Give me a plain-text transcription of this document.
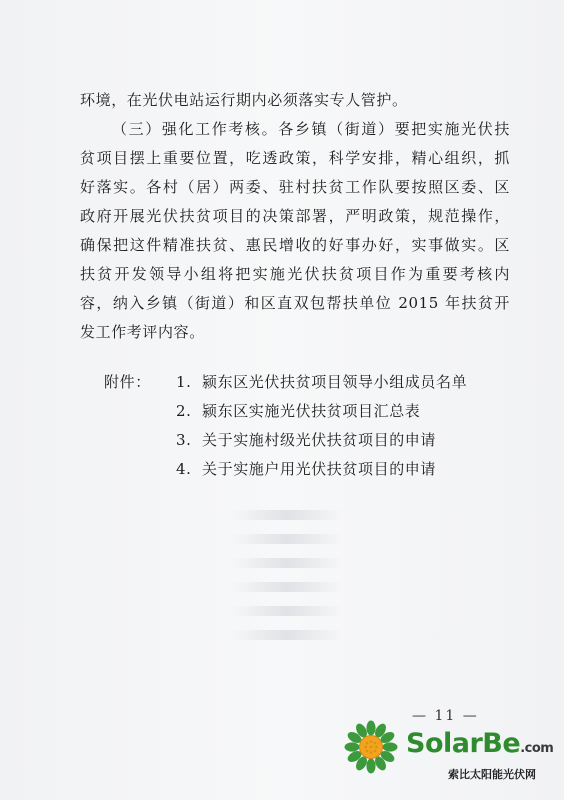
环境，在光伏电站运行期内必须落实专人管护。
（三）强化工作考核。各乡镇（街道）要把实施光伏扶
贫项目摆上重要位置，吃透政策，科学安排，精心组织，抓
好落实。各村（居）两委、驻村扶贫工作队要按照区委、区
政府开展光伏扶贫项目的决策部署，严明政策，规范操作，
确保把这件精准扶贫、惠民增收的好事办好，实事做实。区
扶贫开发领导小组将把实施光伏扶贫项目作为重要考核内
容，纳入乡镇（街道）和区直双包帮扶单位 2015 年扶贫开
发工作考评内容。
附件：	1. 颍东区光伏扶贫项目领导小组成员名单
2. 颍东区实施光伏扶贫项目汇总表
3. 关于实施村级光伏扶贫项目的申请
4. 关于实施户用光伏扶贫项目的申请
— 11 —
SolarBe.com
索比太阳能光伏网
